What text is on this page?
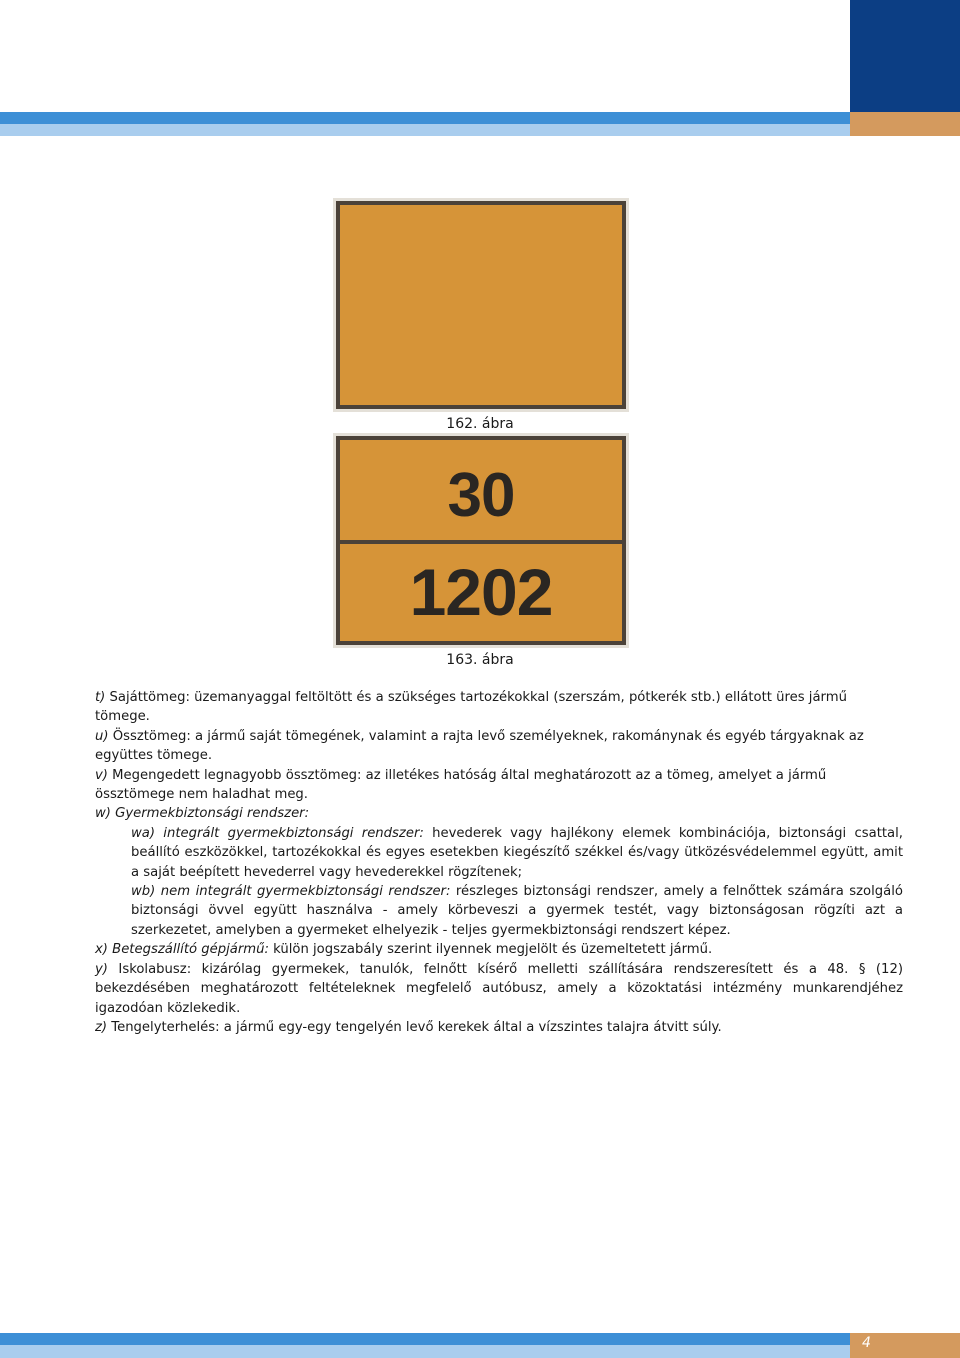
162. ábra
30
1202
163. ábra

t) Sajáttömeg: üzemanyaggal feltöltött és a szükséges tartozékokkal (szerszám, pótkerék stb.) ellátott üres jármű tömege.

u) Össztömeg: a jármű saját tömegének, valamint a rajta levő személyeknek, rakománynak és egyéb tárgyaknak az együttes tömege.

v) Megengedett legnagyobb össztömeg: az illetékes hatóság által meghatározott az a tömeg, amelyet a jármű össztömege nem haladhat meg.

w) Gyermekbiztonsági rendszer:

wa) integrált gyermekbiztonsági rendszer: hevederek vagy hajlékony elemek kombinációja, biztonsági csattal, beállító eszközökkel, tartozékokkal és egyes esetekben kiegészítő székkel és/vagy ütközésvédelemmel együtt, amit a saját beépített hevederrel vagy hevederekkel rögzítenek;

wb) nem integrált gyermekbiztonsági rendszer: részleges biztonsági rendszer, amely a felnőttek számára szolgáló biztonsági övvel együtt használva - amely körbeveszi a gyermek testét, vagy biztonságosan rögzíti azt a szerkezetet, amelyben a gyermeket elhelyezik - teljes gyermekbiztonsági rendszert képez.

x) Betegszállító gépjármű: külön jogszabály szerint ilyennek megjelölt és üzemeltetett jármű.

y) Iskolabusz: kizárólag gyermekek, tanulók, felnőtt kísérő melletti szállítására rendszeresített és a 48. § (12) bekezdésében meghatározott feltételeknek megfelelő autóbusz, amely a közoktatási intézmény munkarendjéhez igazodóan közlekedik.

z) Tengelyterhelés: a jármű egy-egy tengelyén levő kerekek által a vízszintes talajra átvitt súly.

4
